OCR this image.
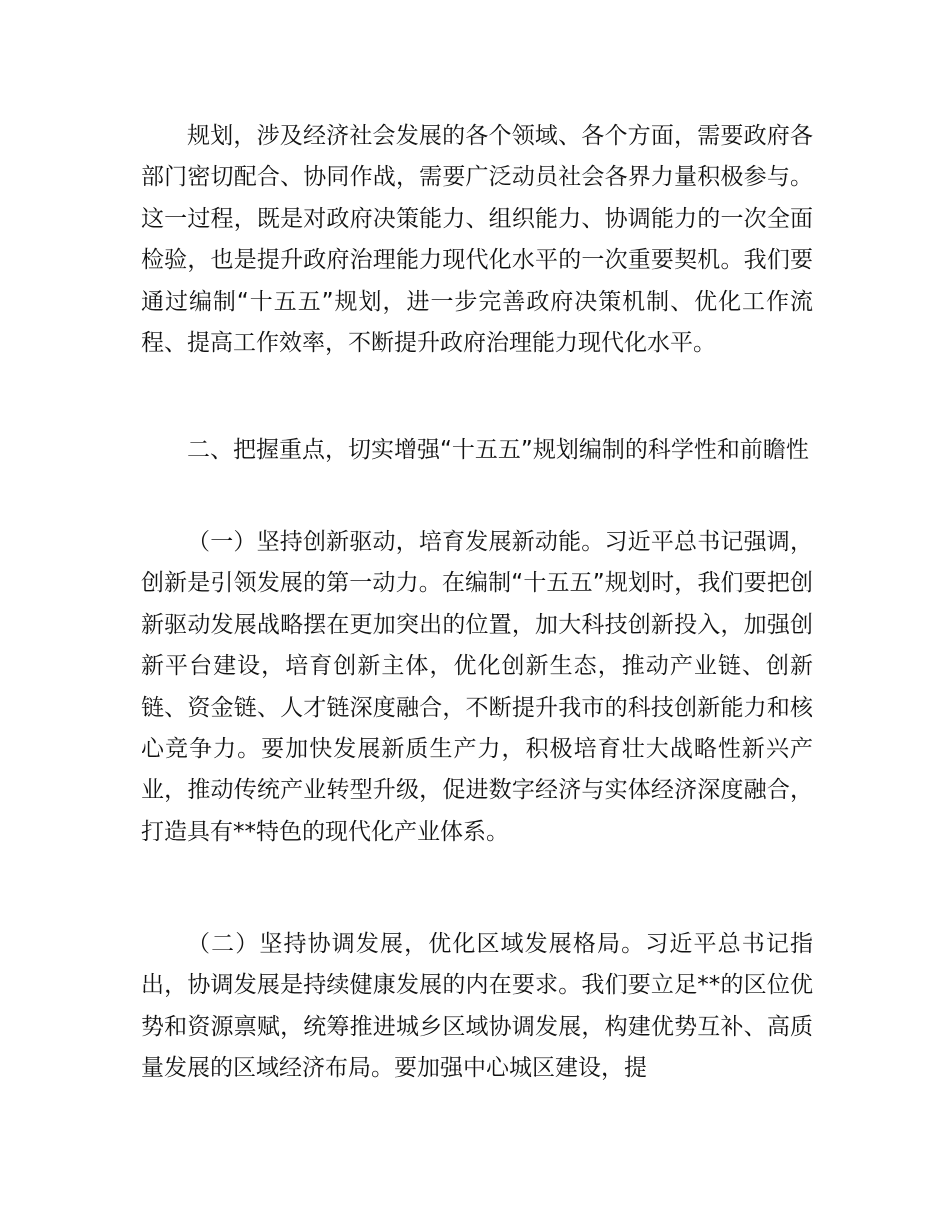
规划，涉及经济社会发展的各个领域、各个方面，需要政府各部门密切配合、协同作战，需要广泛动员社会各界力量积极参与。这一过程，既是对政府决策能力、组织能力、协调能力的一次全面检验，也是提升政府治理能力现代化水平的一次重要契机。我们要通过编制“十五五”规划，进一步完善政府决策机制、优化工作流程、提高工作效率，不断提升政府治理能力现代化水平。

二、把握重点，切实增强“十五五”规划编制的科学性和前瞻性

（一）坚持创新驱动，培育发展新动能。习近平总书记强调，创新是引领发展的第一动力。在编制“十五五”规划时，我们要把创新驱动发展战略摆在更加突出的位置，加大科技创新投入，加强创新平台建设，培育创新主体，优化创新生态，推动产业链、创新链、资金链、人才链深度融合，不断提升我市的科技创新能力和核心竞争力。要加快发展新质生产力，积极培育壮大战略性新兴产业，推动传统产业转型升级，促进数字经济与实体经济深度融合，打造具有**特色的现代化产业体系。

（二）坚持协调发展，优化区域发展格局。习近平总书记指出，协调发展是持续健康发展的内在要求。我们要立足**的区位优势和资源禀赋，统筹推进城乡区域协调发展，构建优势互补、高质量发展的区域经济布局。要加强中心城区建设，提
